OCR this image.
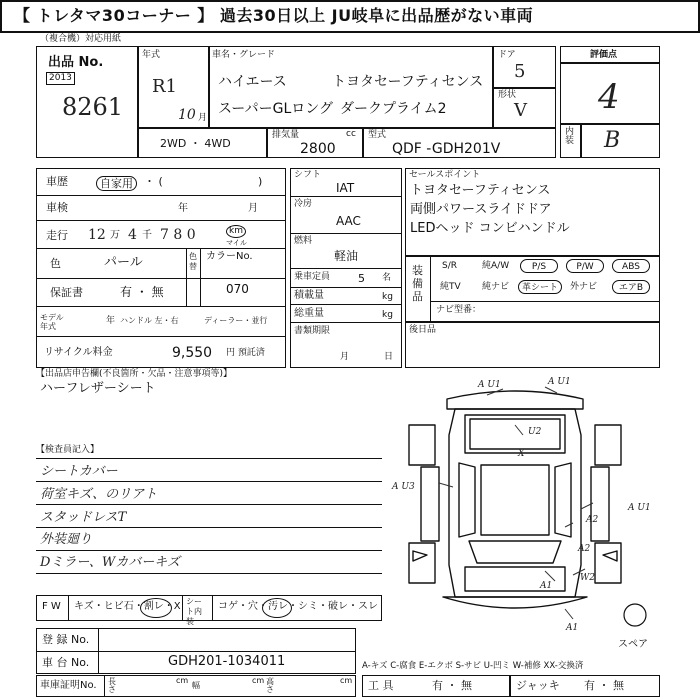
【 トレタマ30コーナー 】 過去30日以上 JU岐阜に出品歴がない車両
（複合機）対応用紙
出品 No.
2013
8261
年式
R1
10 月
車名・グレード
ハイエース	トヨタセーフティセンス
スーパーGLロング ダークプライム2
ドア
5
形状
V
2WD ・ 4WD
排気量	cc
2800
型式
QDF -GDH201V
評価点
4
内装 B
車歴	自家用	・ (	)
車検	年	月
走行 12 万 4 千 7 8 0	km
マイル
色	パール	色替
カラーNo.
070
保証書	有 ・ 無
モデル年式
年 ハンドル 左・右	ディーラー・並行
リサイクル料金	9,550 円 預託済
シフト
IAT
冷房
AAC
燃料
軽油
乗車定員	5 名
積載量	kg
総重量	kg
書類期限
月	日
セールスポイント
トヨタセーフティセンス
両側パワースライドドア
LEDヘッド コンビハンドル
装備品
S/R	純A/W	P/S	P/W	ABS
純TV 純ナビ	革シート	外ナビ	エアB
ナビ型番：
後日品
【出品店申告欄(不良箇所・欠品・注意事項等)】
ハーフレザーシート
【検査員記入】
シートカバー
荷室キズ、のリアト
スタッドレスT
外装廻り
Dミラー、Wカバーキズ
F W キズ・ヒビ石・割レ・X シート内装
コゲ・穴・汚レ・シミ・破レ・スレ
登 録 No.
車 台 No.	GDH201-1034011
車庫証明No. 長さ
cm
幅
cm 高さ
cm
A U1	A U1
U2
X
A U3
A U1
A2
A2
A1
W2
A1
スペア
A-キズ C-腐食 E-エクボ S-サビ U-凹ミ W-補修 XX-交換済
工 具	有 ・ 無	ジャッキ 有 ・ 無
